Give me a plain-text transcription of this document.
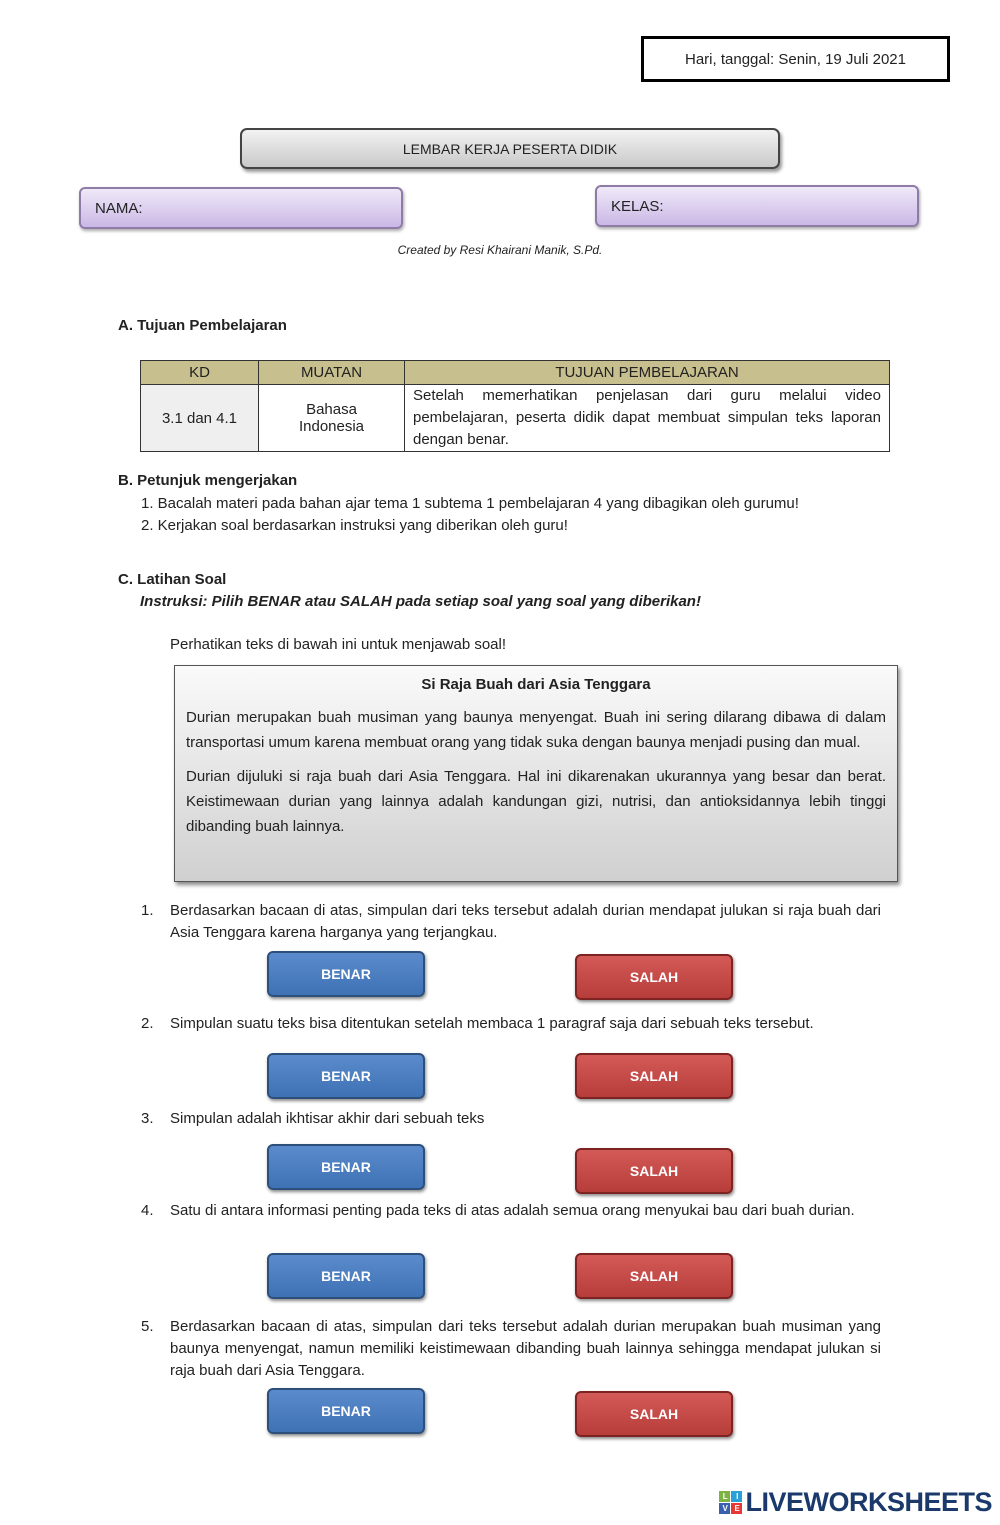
Hari, tanggal: Senin, 19 Juli 2021
LEMBAR KERJA PESERTA DIDIK
NAMA:	KELAS:
Created by Resi Khairani Manik, S.Pd.
A. Tujuan Pembelajaran
KD	MUATAN	TUJUAN PEMBELAJARAN
3.1 dan 4.1	Bahasa Indonesia	Setelah memerhatikan penjelasan dari guru melalui video pembelajaran, peserta didik dapat membuat simpulan teks laporan dengan benar.
B. Petunjuk mengerjakan
1. Bacalah materi pada bahan ajar tema 1 subtema 1 pembelajaran 4 yang dibagikan oleh gurumu!
2. Kerjakan soal berdasarkan instruksi yang diberikan oleh guru!
C. Latihan Soal
Instruksi: Pilih BENAR atau SALAH pada setiap soal yang soal yang diberikan!
Perhatikan teks di bawah ini untuk menjawab soal!
Si Raja Buah dari Asia Tenggara

Durian merupakan buah musiman yang baunya menyengat. Buah ini sering dilarang dibawa di dalam transportasi umum karena membuat orang yang tidak suka dengan baunya menjadi pusing dan mual.

Durian dijuluki si raja buah dari Asia Tenggara. Hal ini dikarenakan ukurannya yang besar dan berat. Keistimewaan durian yang lainnya adalah kandungan gizi, nutrisi, dan antioksidannya lebih tinggi dibanding buah lainnya.

1. Berdasarkan bacaan di atas, simpulan dari teks tersebut adalah durian mendapat julukan si raja buah dari Asia Tenggara karena harganya yang terjangkau.
BENAR	SALAH
2. Simpulan suatu teks bisa ditentukan setelah membaca 1 paragraf saja dari sebuah teks tersebut.
BENAR	SALAH
3. Simpulan adalah ikhtisar akhir dari sebuah teks
BENAR	SALAH
4. Satu di antara informasi penting pada teks di atas adalah semua orang menyukai bau dari buah durian.
BENAR	SALAH
5. Berdasarkan bacaan di atas, simpulan dari teks tersebut adalah durian merupakan buah musiman yang baunya menyengat, namun memiliki keistimewaan dibanding buah lainnya sehingga mendapat julukan si raja buah dari Asia Tenggara.
BENAR	SALAH
L	I
V E LIVEWORKSHEETS
